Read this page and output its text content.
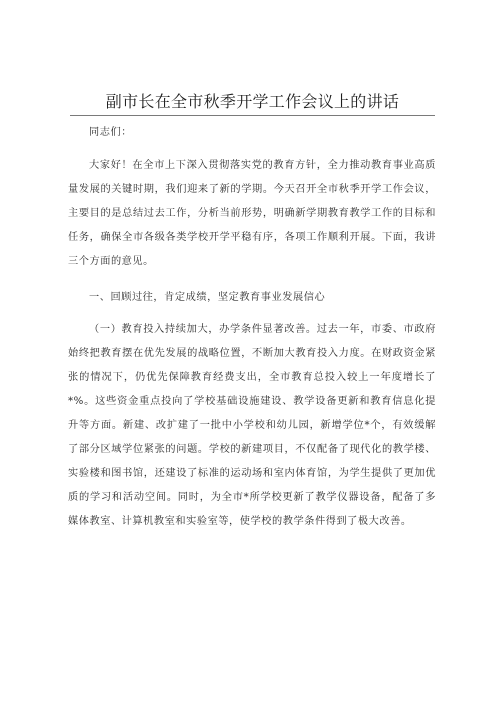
副市长在全市秋季开学工作会议上的讲话

同志们：

大家好！在全市上下深入贯彻落实党的教育方针，全力推动教育事业高质量发展的关键时期，我们迎来了新的学期。今天召开全市秋季开学工作会议，主要目的是总结过去工作，分析当前形势，明确新学期教育教学工作的目标和任务，确保全市各级各类学校开学平稳有序，各项工作顺利开展。下面，我讲三个方面的意见。

一、回顾过往，肯定成绩，坚定教育事业发展信心

（一）教育投入持续加大，办学条件显著改善。过去一年，市委、市政府始终把教育摆在优先发展的战略位置，不断加大教育投入力度。在财政资金紧张的情况下，仍优先保障教育经费支出，全市教育总投入较上一年度增长了*%。这些资金重点投向了学校基础设施建设、教学设备更新和教育信息化提升等方面。新建、改扩建了一批中小学校和幼儿园，新增学位*个，有效缓解了部分区域学位紧张的问题。学校的新建项目，不仅配备了现代化的教学楼、实验楼和图书馆，还建设了标准的运动场和室内体育馆，为学生提供了更加优质的学习和活动空间。同时，为全市*所学校更新了教学仪器设备，配备了多媒体教室、计算机教室和实验室等，使学校的教学条件得到了极大改善。
